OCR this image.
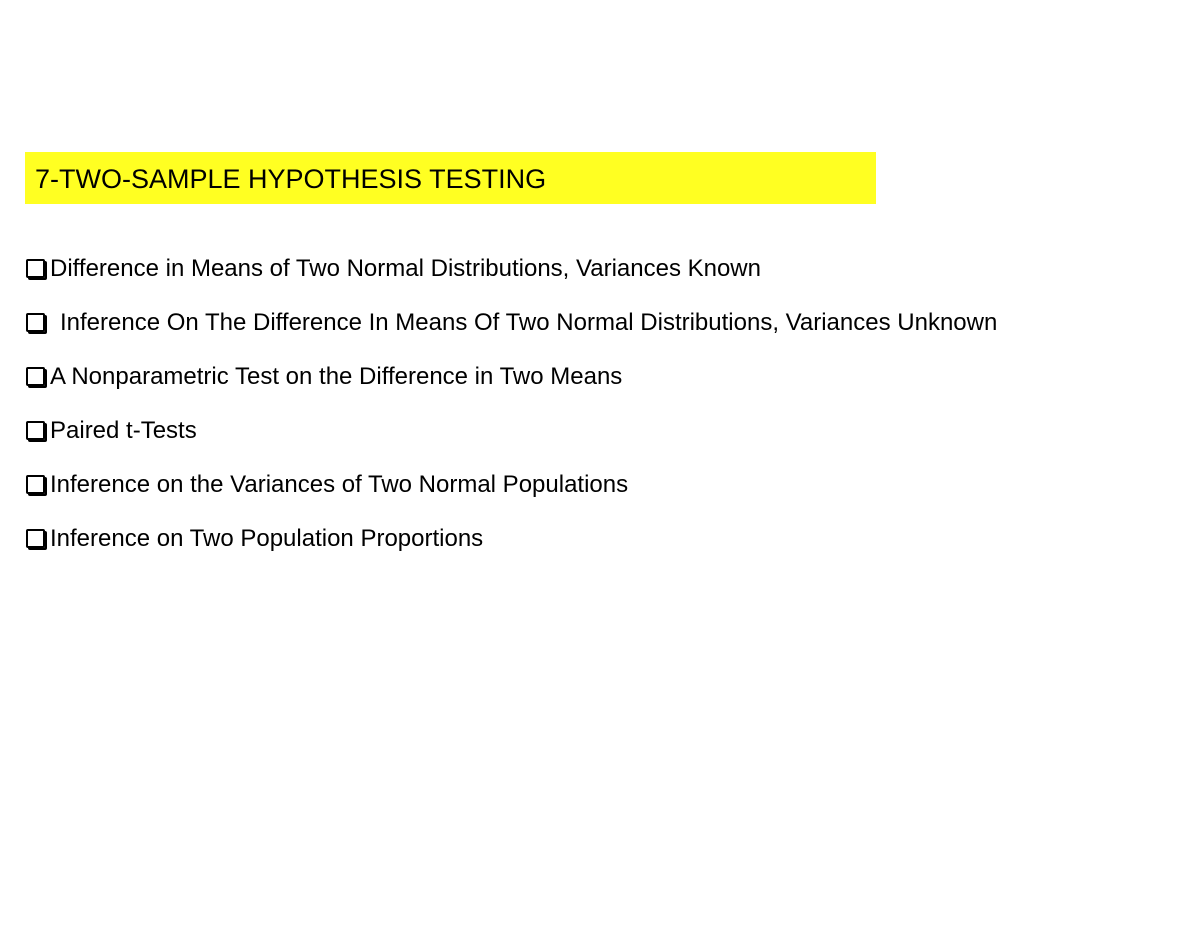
7-TWO-SAMPLE HYPOTHESIS TESTING
Difference in Means of Two Normal Distributions, Variances Known
Inference On The Difference In Means Of Two Normal Distributions, Variances Unknown
A Nonparametric Test on the Difference in Two Means
Paired t-Tests
Inference on the Variances of Two Normal Populations
Inference on Two Population Proportions
